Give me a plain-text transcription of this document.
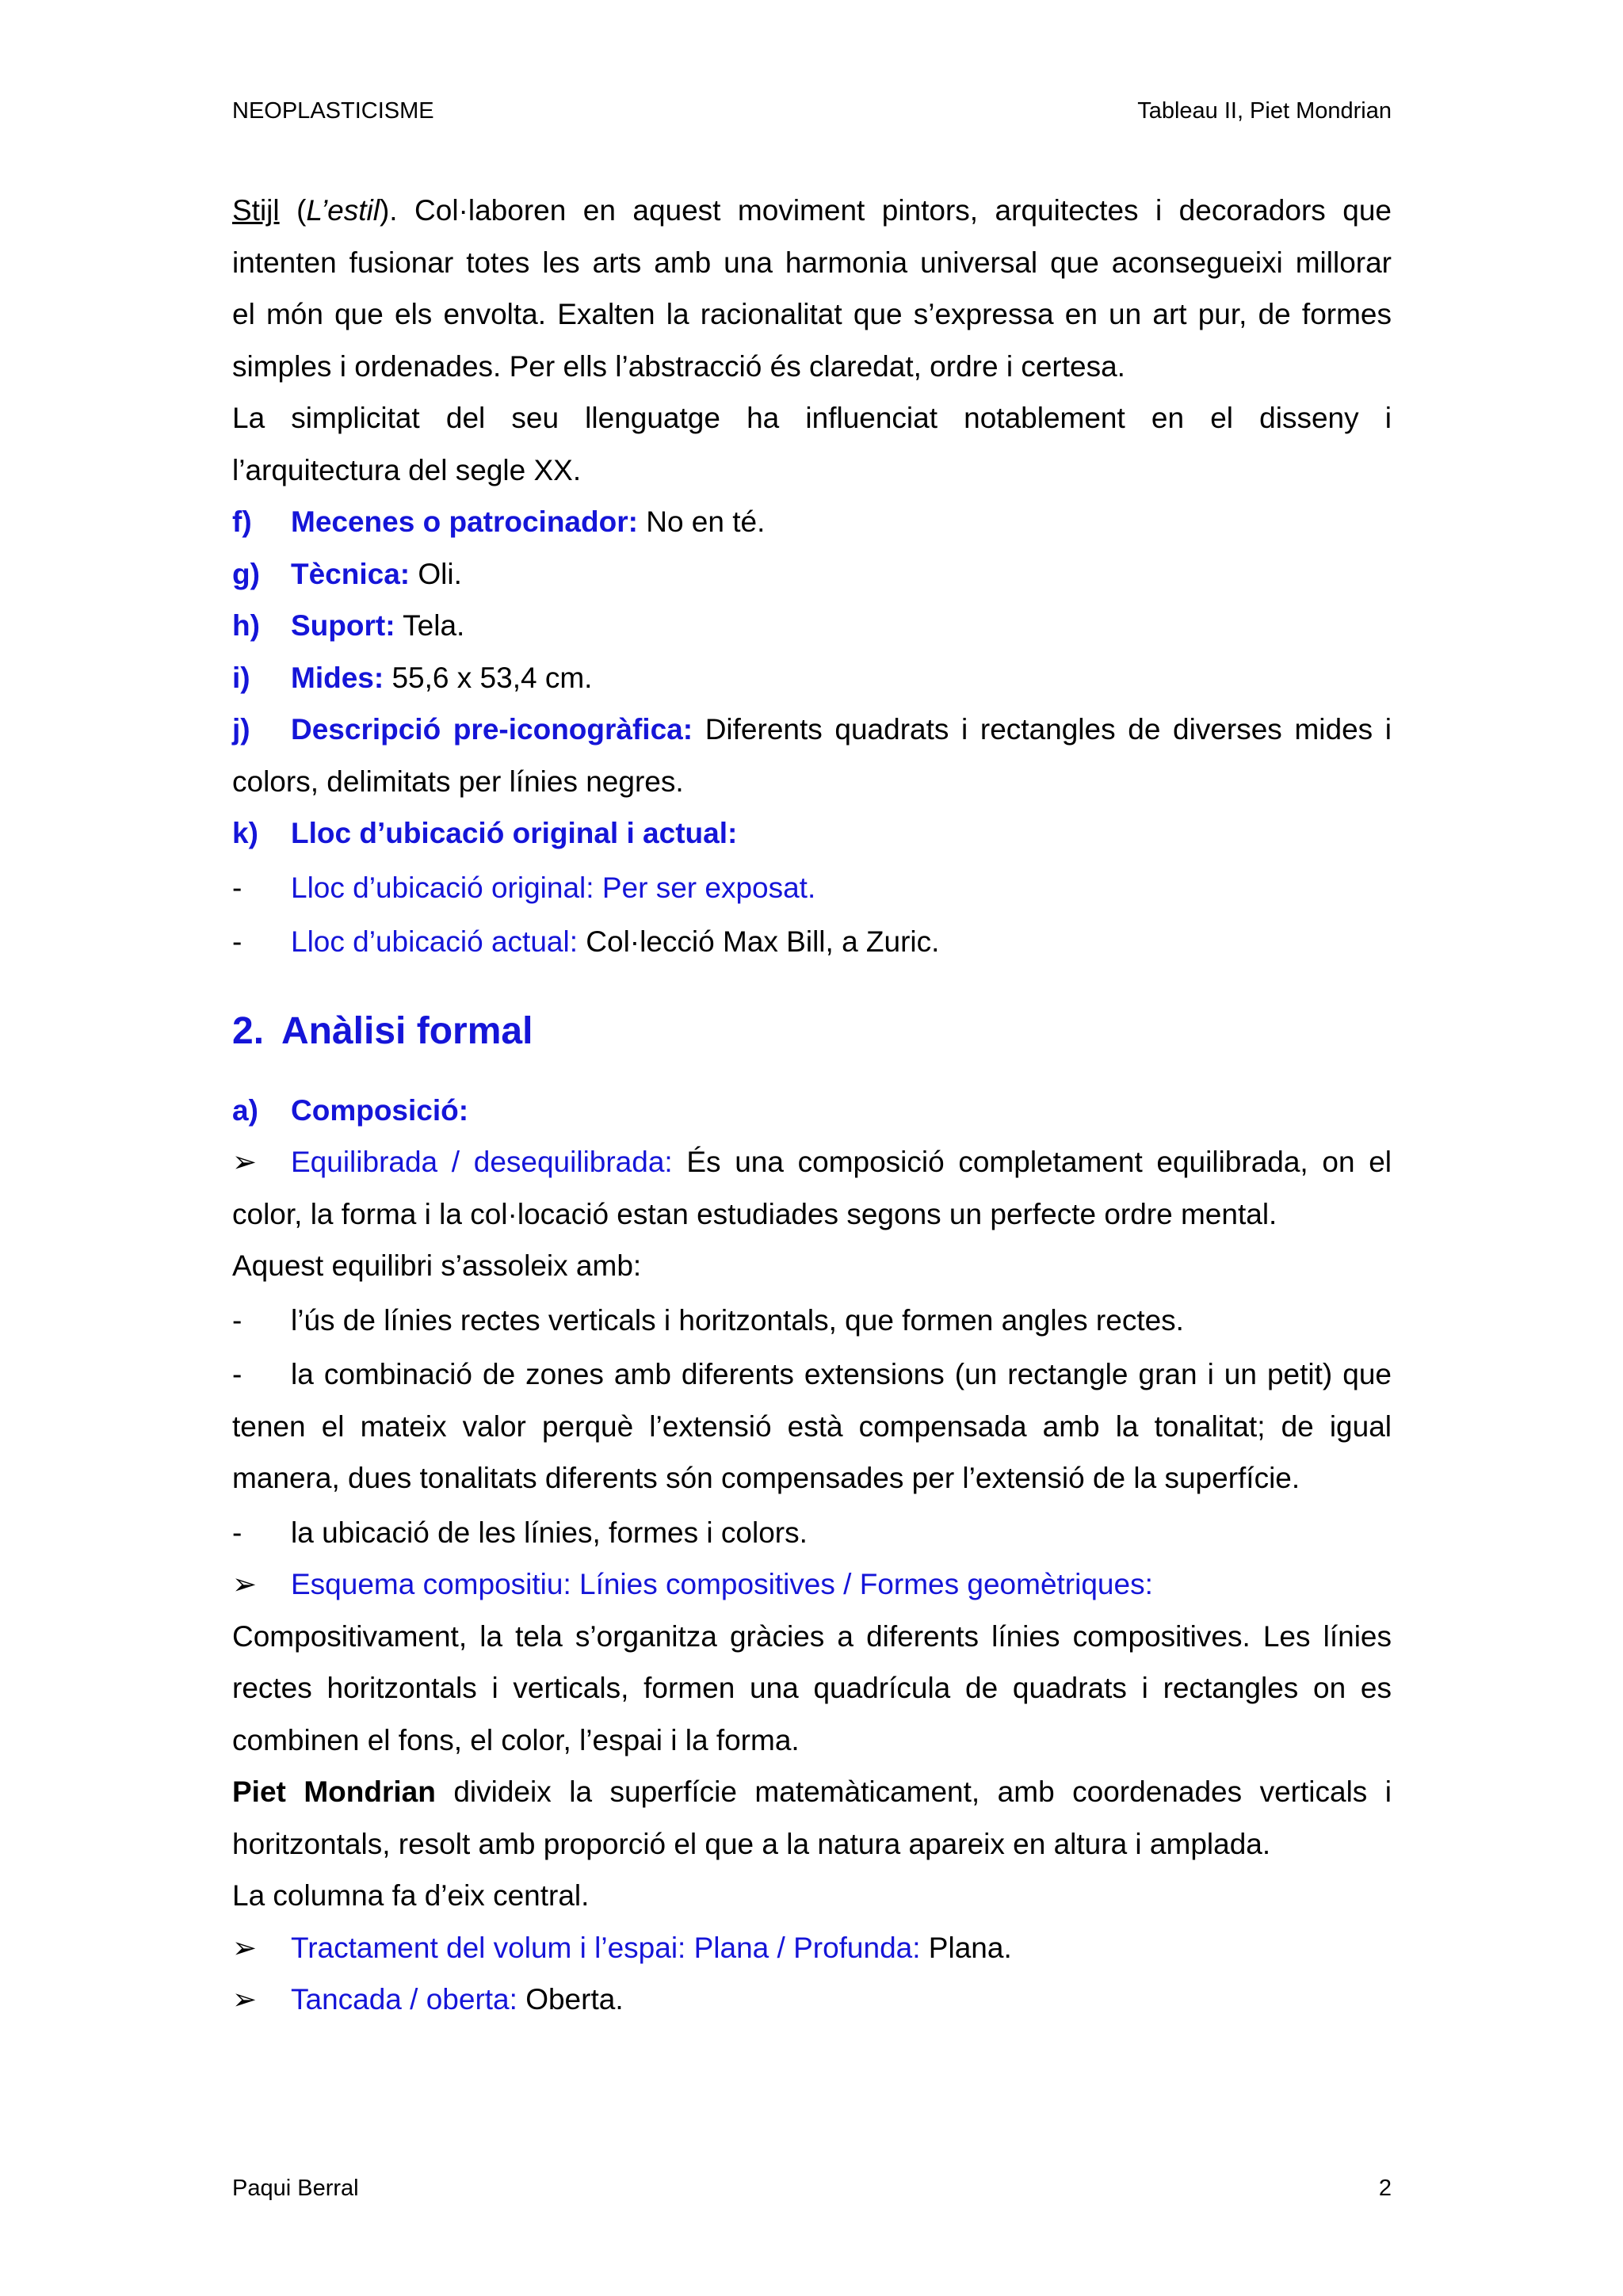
NEOPLASTICISME	Tableau II, Piet Mondrian
Stijl (L’estil). Col·laboren en aquest moviment pintors, arquitectes i decoradors que
intenten fusionar totes les arts amb una harmonia universal que aconsegueixi millorar
el món que els envolta. Exalten la racionalitat que s’expressa en un art pur, de formes
simples i ordenades. Per ells l’abstracció és claredat, ordre i certesa.
La simplicitat del seu llenguatge ha influenciat notablement en el disseny i
l’arquitectura del segle XX.
f) Mecenes o patrocinador: No en té.
g) Tècnica: Oli.
h) Suport: Tela.
i) Mides: 55,6 x 53,4 cm.
j) Descripció pre-iconogràfica: Diferents quadrats i rectangles de diverses mides i
colors, delimitats per línies negres.
k) Lloc d’ubicació original i actual:
- Lloc d’ubicació original: Per ser exposat.
- Lloc d’ubicació actual: Col·lecció Max Bill, a Zuric.
2. Anàlisi formal
a) Composició:
➢ Equilibrada / desequilibrada: És una composició completament equilibrada, on el
color, la forma i la col·locació estan estudiades segons un perfecte ordre mental.
Aquest equilibri s’assoleix amb:
- l’ús de línies rectes verticals i horitzontals, que formen angles rectes.
- la combinació de zones amb diferents extensions (un rectangle gran i un petit) que
tenen el mateix valor perquè l’extensió està compensada amb la tonalitat; de igual
manera, dues tonalitats diferents són compensades per l’extensió de la superfície.
- la ubicació de les línies, formes i colors.
➢ Esquema compositiu: Línies compositives / Formes geomètriques:
Compositivament, la tela s’organitza gràcies a diferents línies compositives. Les línies
rectes horitzontals i verticals, formen una quadrícula de quadrats i rectangles on es
combinen el fons, el color, l’espai i la forma.
Piet Mondrian divideix la superfície matemàticament, amb coordenades verticals i
horitzontals, resolt amb proporció el que a la natura apareix en altura i amplada.
La columna fa d’eix central.
➢ Tractament del volum i l’espai: Plana / Profunda: Plana.
➢ Tancada / oberta: Oberta.
Paqui Berral	2
